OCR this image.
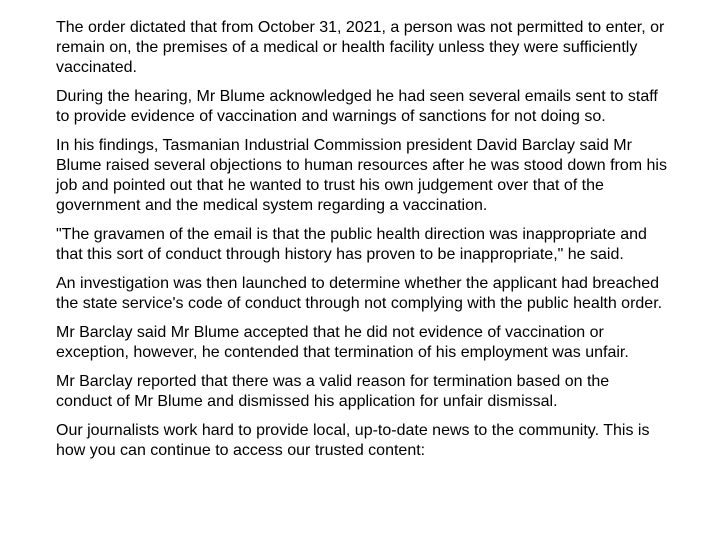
The order dictated that from October 31, 2021, a person was not permitted to enter, or remain on, the premises of a medical or health facility unless they were sufficiently vaccinated.

During the hearing, Mr Blume acknowledged he had seen several emails sent to staff to provide evidence of vaccination and warnings of sanctions for not doing so.

In his findings, Tasmanian Industrial Commission president David Barclay said Mr Blume raised several objections to human resources after he was stood down from his job and pointed out that he wanted to trust his own judgement over that of the government and the medical system regarding a vaccination.

"The gravamen of the email is that the public health direction was inappropriate and that this sort of conduct through history has proven to be inappropriate," he said.

An investigation was then launched to determine whether the applicant had breached the state service's code of conduct through not complying with the public health order.

Mr Barclay said Mr Blume accepted that he did not evidence of vaccination or exception, however, he contended that termination of his employment was unfair.

Mr Barclay reported that there was a valid reason for termination based on the conduct of Mr Blume and dismissed his application for unfair dismissal.

Our journalists work hard to provide local, up-to-date news to the community. This is how you can continue to access our trusted content:
